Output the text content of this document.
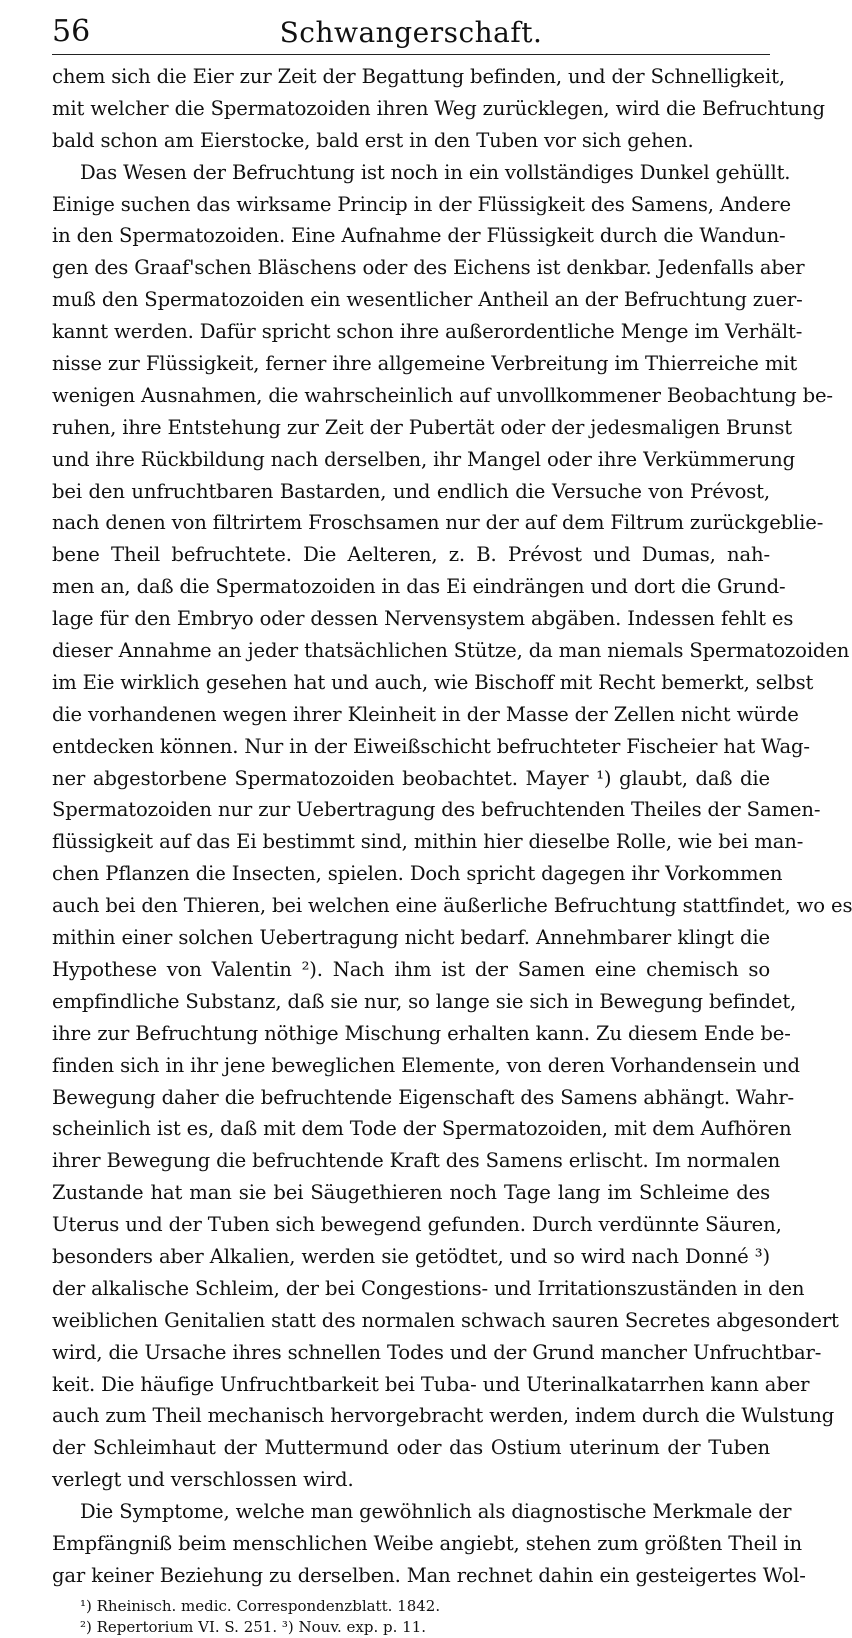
56	Schwangerschaft.
chem sich die Eier zur Zeit der Begattung befinden, und der Schnelligkeit,
mit welcher die Spermatozoiden ihren Weg zurücklegen, wird die Befruchtung
bald schon am Eierstocke, bald erst in den Tuben vor sich gehen.
Das Wesen der Befruchtung ist noch in ein vollständiges Dunkel gehüllt.
Einige suchen das wirksame Princip in der Flüssigkeit des Samens, Andere
in den Spermatozoiden. Eine Aufnahme der Flüssigkeit durch die Wandun-
gen des Graaf'schen Bläschens oder des Eichens ist denkbar. Jedenfalls aber
muß den Spermatozoiden ein wesentlicher Antheil an der Befruchtung zuer-
kannt werden. Dafür spricht schon ihre außerordentliche Menge im Verhält-
nisse zur Flüssigkeit, ferner ihre allgemeine Verbreitung im Thierreiche mit
wenigen Ausnahmen, die wahrscheinlich auf unvollkommener Beobachtung be-
ruhen, ihre Entstehung zur Zeit der Pubertät oder der jedesmaligen Brunst
und ihre Rückbildung nach derselben, ihr Mangel oder ihre Verkümmerung
bei den unfruchtbaren Bastarden, und endlich die Versuche von Prévost,
nach denen von filtrirtem Froschsamen nur der auf dem Filtrum zurückgeblie-
bene Theil befruchtete. Die Aelteren, z. B. Prévost und Dumas, nah-
men an, daß die Spermatozoiden in das Ei eindrängen und dort die Grund-
lage für den Embryo oder dessen Nervensystem abgäben. Indessen fehlt es
dieser Annahme an jeder thatsächlichen Stütze, da man niemals Spermatozoiden
im Eie wirklich gesehen hat und auch, wie Bischoff mit Recht bemerkt, selbst
die vorhandenen wegen ihrer Kleinheit in der Masse der Zellen nicht würde
entdecken können. Nur in der Eiweißschicht befruchteter Fischeier hat Wag-
ner abgestorbene Spermatozoiden beobachtet. Mayer ¹) glaubt, daß die
Spermatozoiden nur zur Uebertragung des befruchtenden Theiles der Samen-
flüssigkeit auf das Ei bestimmt sind, mithin hier dieselbe Rolle, wie bei man-
chen Pflanzen die Insecten, spielen. Doch spricht dagegen ihr Vorkommen
auch bei den Thieren, bei welchen eine äußerliche Befruchtung stattfindet, wo es
mithin einer solchen Uebertragung nicht bedarf. Annehmbarer klingt die
Hypothese von Valentin ²). Nach ihm ist der Samen eine chemisch so
empfindliche Substanz, daß sie nur, so lange sie sich in Bewegung befindet,
ihre zur Befruchtung nöthige Mischung erhalten kann. Zu diesem Ende be-
finden sich in ihr jene beweglichen Elemente, von deren Vorhandensein und
Bewegung daher die befruchtende Eigenschaft des Samens abhängt. Wahr-
scheinlich ist es, daß mit dem Tode der Spermatozoiden, mit dem Aufhören
ihrer Bewegung die befruchtende Kraft des Samens erlischt. Im normalen
Zustande hat man sie bei Säugethieren noch Tage lang im Schleime des
Uterus und der Tuben sich bewegend gefunden. Durch verdünnte Säuren,
besonders aber Alkalien, werden sie getödtet, und so wird nach Donné ³)
der alkalische Schleim, der bei Congestions- und Irritationszuständen in den
weiblichen Genitalien statt des normalen schwach sauren Secretes abgesondert
wird, die Ursache ihres schnellen Todes und der Grund mancher Unfruchtbar-
keit. Die häufige Unfruchtbarkeit bei Tuba- und Uterinalkatarrhen kann aber
auch zum Theil mechanisch hervorgebracht werden, indem durch die Wulstung
der Schleimhaut der Muttermund oder das Ostium uterinum der Tuben
verlegt und verschlossen wird.
Die Symptome, welche man gewöhnlich als diagnostische Merkmale der
Empfängniß beim menschlichen Weibe angiebt, stehen zum größten Theil in
gar keiner Beziehung zu derselben. Man rechnet dahin ein gesteigertes Wol-
¹) Rheinisch. medic. Correspondenzblatt. 1842.
²) Repertorium VI. S. 251. ³) Nouv. exp. p. 11.
